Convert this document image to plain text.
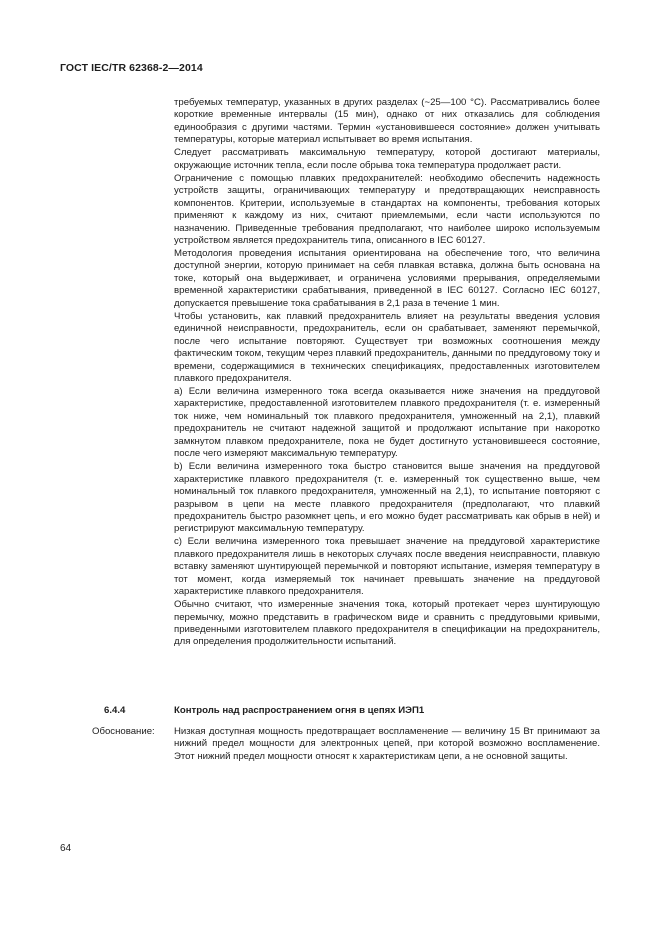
ГОСТ IEC/TR 62368-2—2014

требуемых температур, указанных в других разделах (~25—100 °С). Рассматривались более короткие временные интервалы (15 мин), однако от них отказались для соблюдения единообразия с другими частями. Термин «установившееся состояние» должен учитывать температуры, которые материал испытывает во время испытания.

Следует рассматривать максимальную температуру, которой достигают материалы, окружающие источник тепла, если после обрыва тока температура продолжает расти.

Ограничение с помощью плавких предохранителей: необходимо обеспечить надежность устройств защиты, ограничивающих температуру и предотвращающих неисправность компонентов. Критерии, используемые в стандартах на компоненты, требования которых применяют к каждому из них, считают приемлемыми, если части используются по назначению. Приведенные требования предполагают, что наиболее широко используемым устройством является предохранитель типа, описанного в IEC 60127.

Методология проведения испытания ориентирована на обеспечение того, что величина доступной энергии, которую принимает на себя плавкая вставка, должна быть основана на токе, который она выдерживает, и ограничена условиями прерывания, определяемыми временной характеристики срабатывания, приведенной в IEC 60127. Согласно IEC 60127, допускается превышение тока срабатывания в 2,1 раза в течение 1 мин.

Чтобы установить, как плавкий предохранитель влияет на результаты введения условия единичной неисправности, предохранитель, если он срабатывает, заменяют перемычкой, после чего испытание повторяют. Существует три возможных соотношения между фактическим током, текущим через плавкий предохранитель, данными по преддуговому току и времени, содержащимися в технических спецификациях, предоставленных изготовителем плавкого предохранителя.

а) Если величина измеренного тока всегда оказывается ниже значения на преддуговой характеристике, предоставленной изготовителем плавкого предохранителя (т. е. измеренный ток ниже, чем номинальный ток плавкого предохранителя, умноженный на 2,1), плавкий предохранитель не считают надежной защитой и продолжают испытание при накоротко замкнутом плавком предохранителе, пока не будет достигнуто установившееся состояние, после чего измеряют максимальную температуру.

b) Если величина измеренного тока быстро становится выше значения на преддуговой характеристике плавкого предохранителя (т. е. измеренный ток существенно выше, чем номинальный ток плавкого предохранителя, умноженный на 2,1), то испытание повторяют с разрывом в цепи на месте плавкого предохранителя (предполагают, что плавкий предохранитель быстро разомкнет цепь, и его можно будет рассматривать как обрыв в ней) и регистрируют максимальную температуру.

с) Если величина измеренного тока превышает значение на преддуговой характеристике плавкого предохранителя лишь в некоторых случаях после введения неисправности, плавкую вставку заменяют шунтирующей перемычкой и повторяют испытание, измеряя температуру в тот момент, когда измеряемый ток начинает превышать значение на преддуговой характеристике плавкого предохранителя.

Обычно считают, что измеренные значения тока, который протекает через шунтирующую перемычку, можно представить в графическом виде и сравнить с преддуговыми кривыми, приведенными изготовителем плавкого предохранителя в спецификации на предохранитель, для определения продолжительности испытаний.

6.4.4	Контроль над распространением огня в цепях ИЭП1
Обоснование: Низкая доступная мощность предотвращает воспламенение — величину 15 Вт принимают за нижний предел мощности для электронных цепей, при которой возможно воспламенение. Этот нижний предел мощности относят к характеристикам цепи, а не основной защиты.
64
